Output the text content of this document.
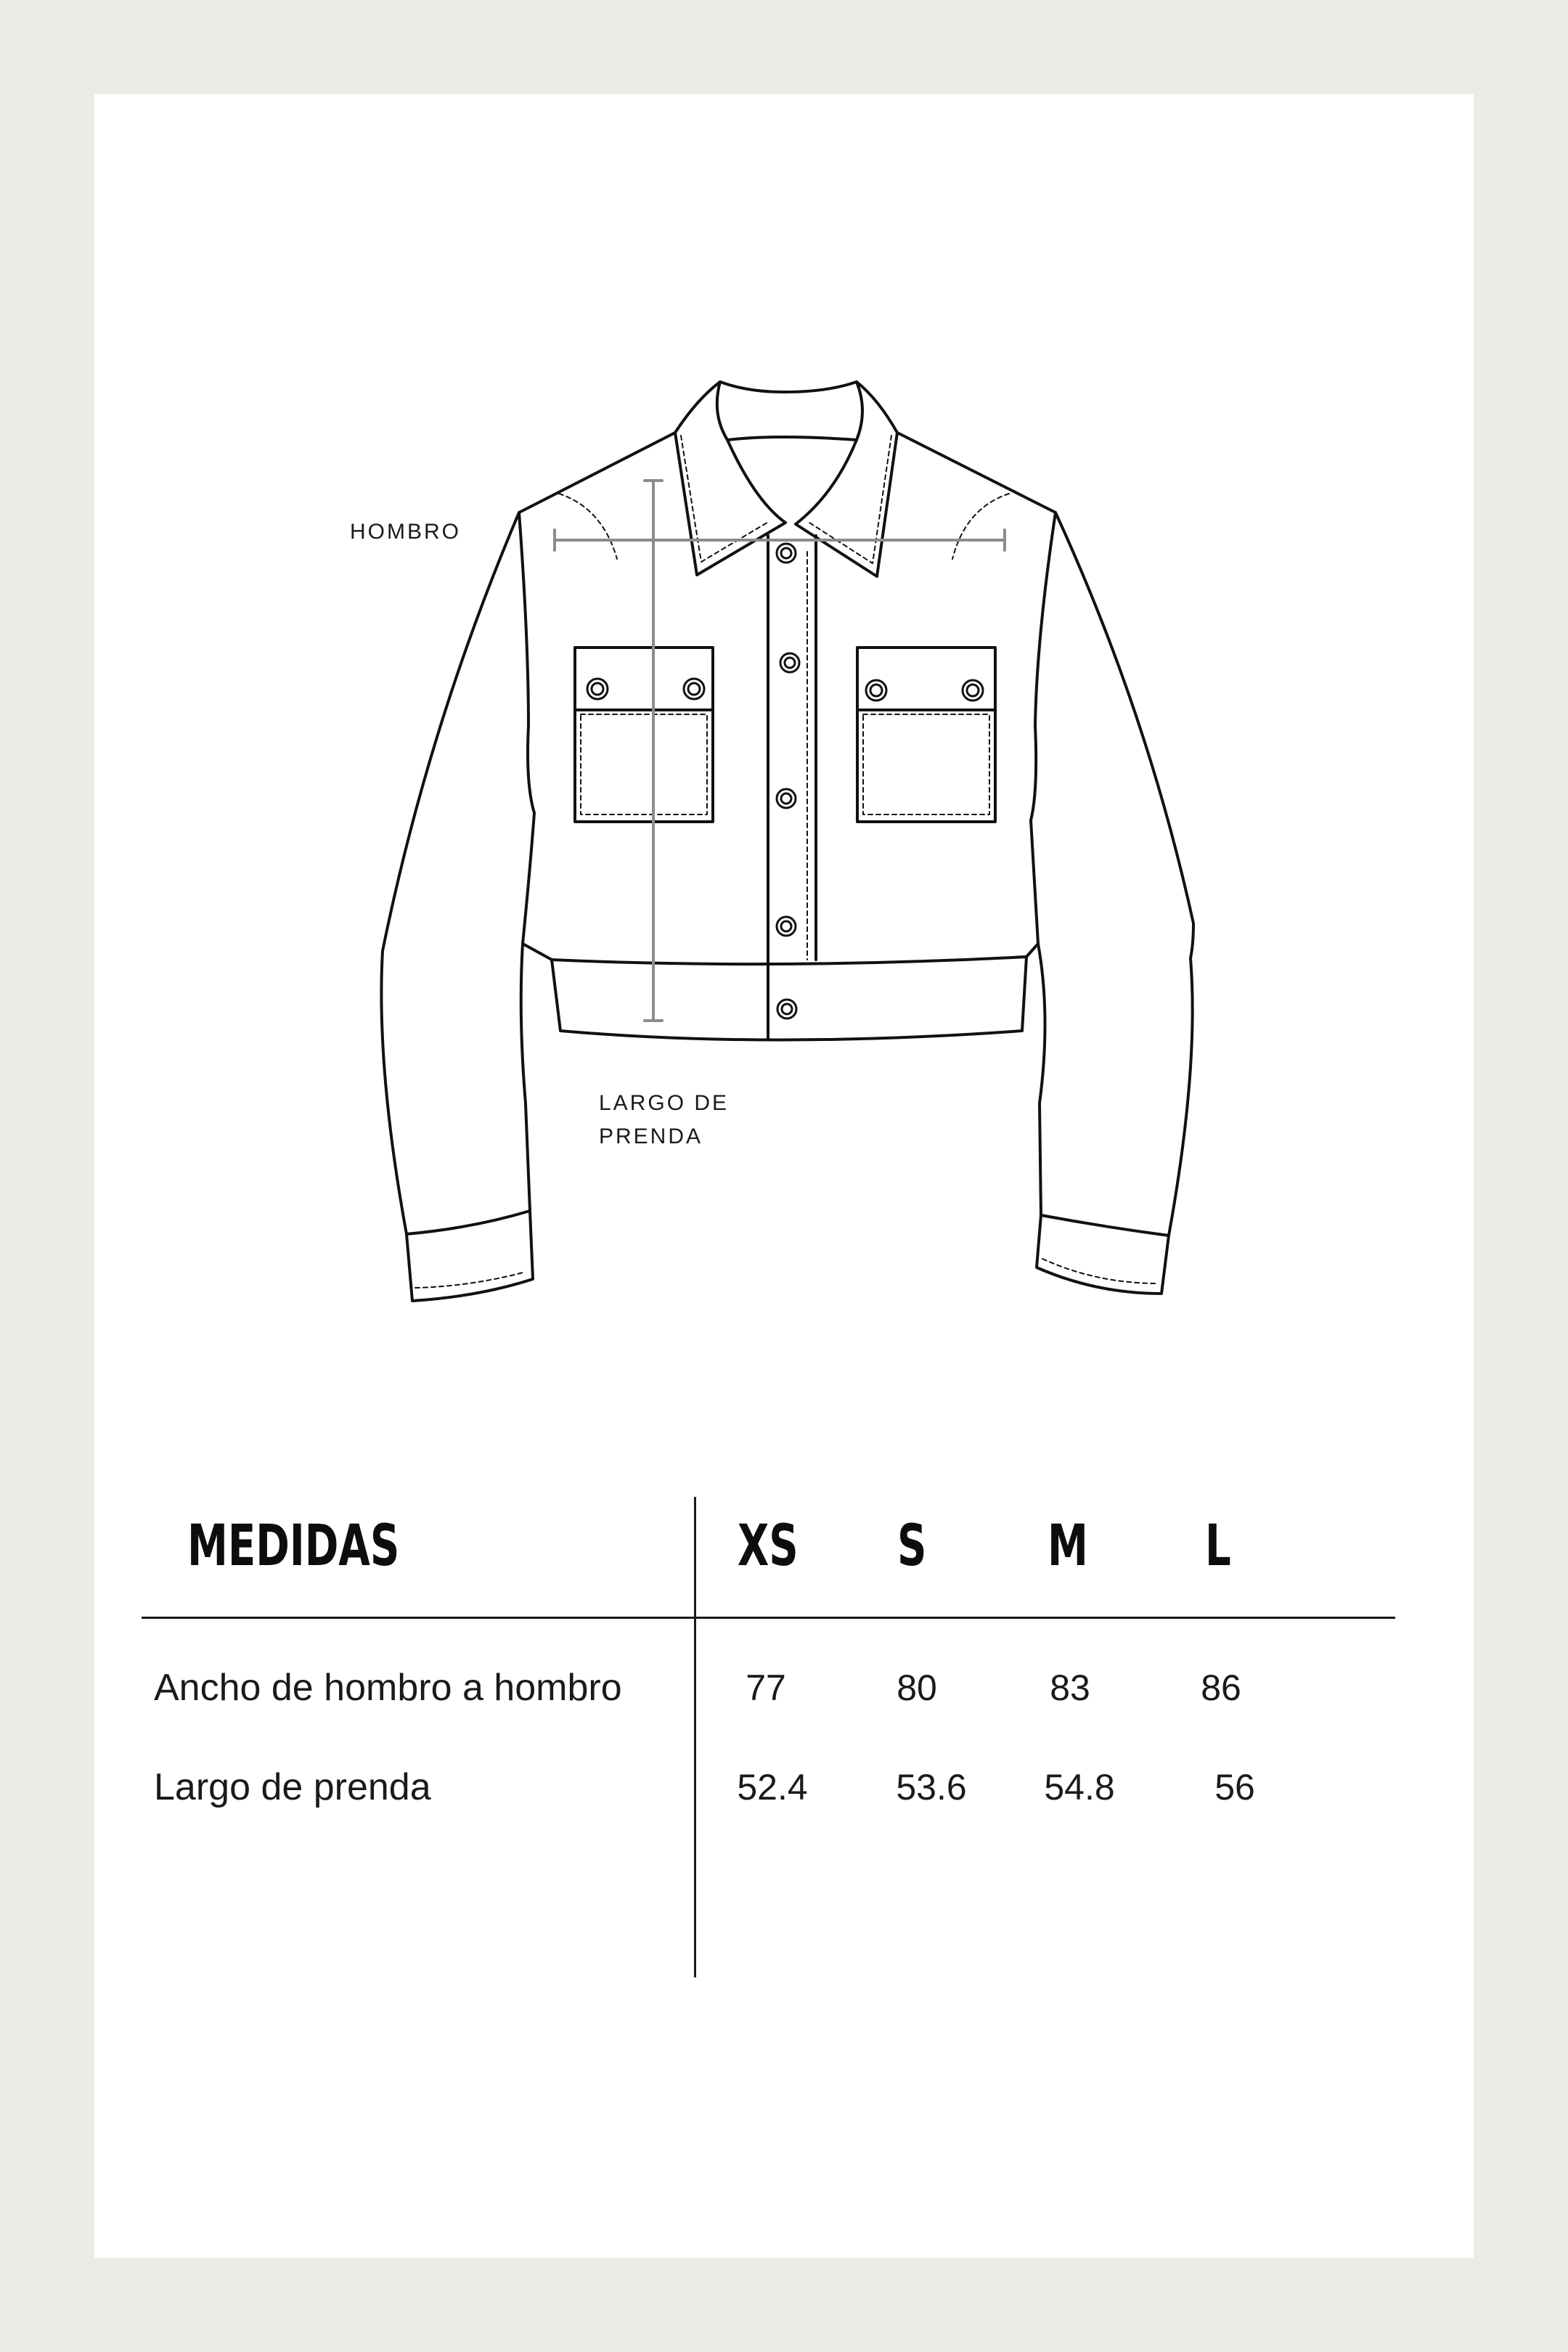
HOMBRO

LARGO DE
PRENDA

MEDIDAS	XS S M L

Ancho de hombro a hombro	77	80	83	86

Largo de prenda	52.4	53.6	54.8	56
